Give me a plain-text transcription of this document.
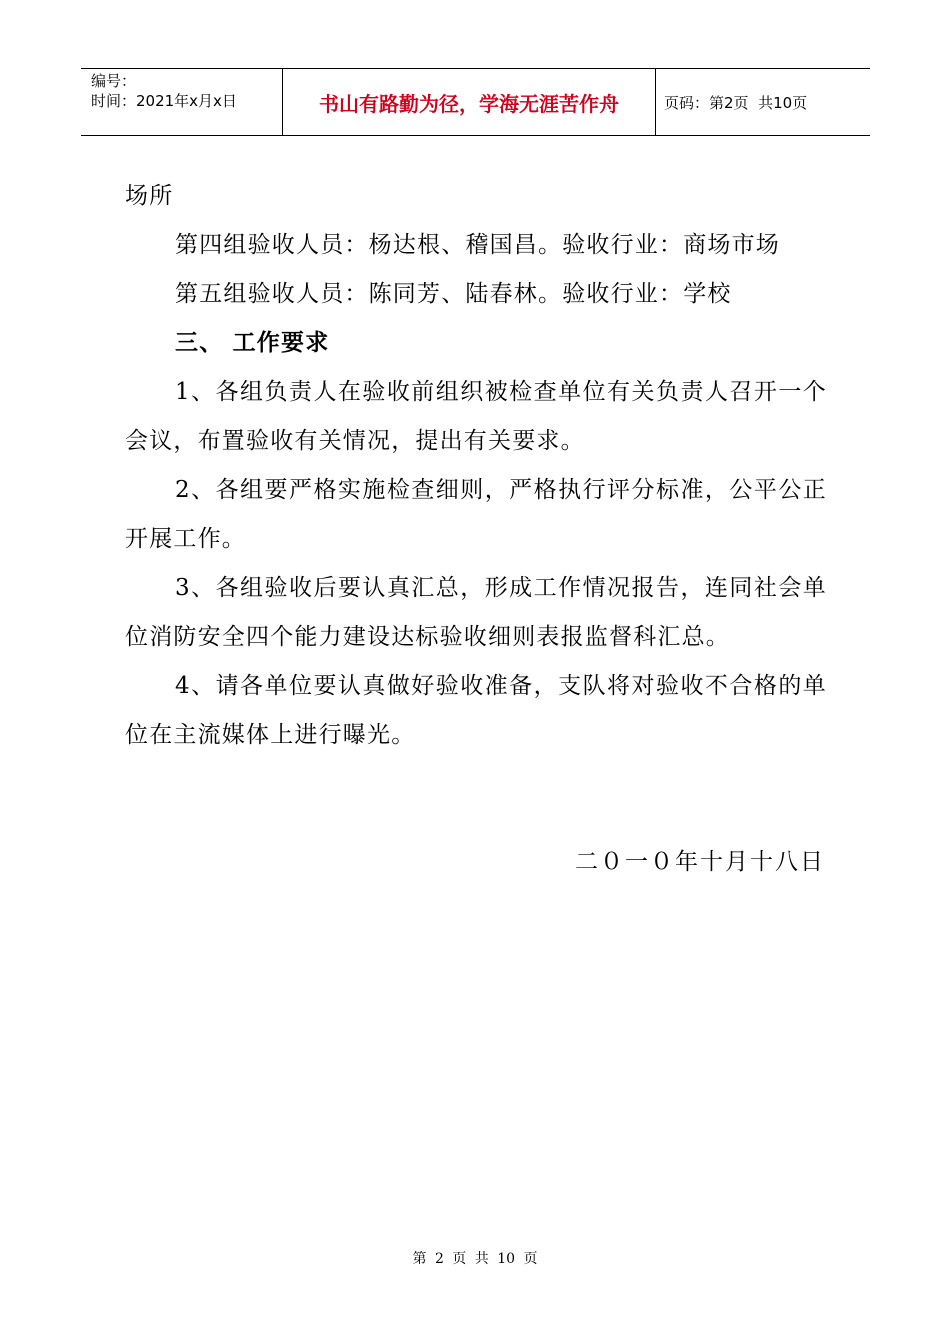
编号：
时间：2021年x月x日	书山有路勤为径，学海无涯苦作舟	页码： 第2页  共10页

场所

第四组验收人员：杨达根、稽国昌。验收行业：商场市场

第五组验收人员：陈同芳、陆春林。验收行业：学校

三、 工作要求

1、各组负责人在验收前组织被检查单位有关负责人召开一个会议，布置验收有关情况，提出有关要求。

2、各组要严格实施检查细则，严格执行评分标准，公平公正开展工作。

3、各组验收后要认真汇总，形成工作情况报告，连同社会单位消防安全四个能力建设达标验收细则表报监督科汇总。

4、请各单位要认真做好验收准备，支队将对验收不合格的单位在主流媒体上进行曝光。

二０一０年十月十八日
第 2 页 共 10 页
